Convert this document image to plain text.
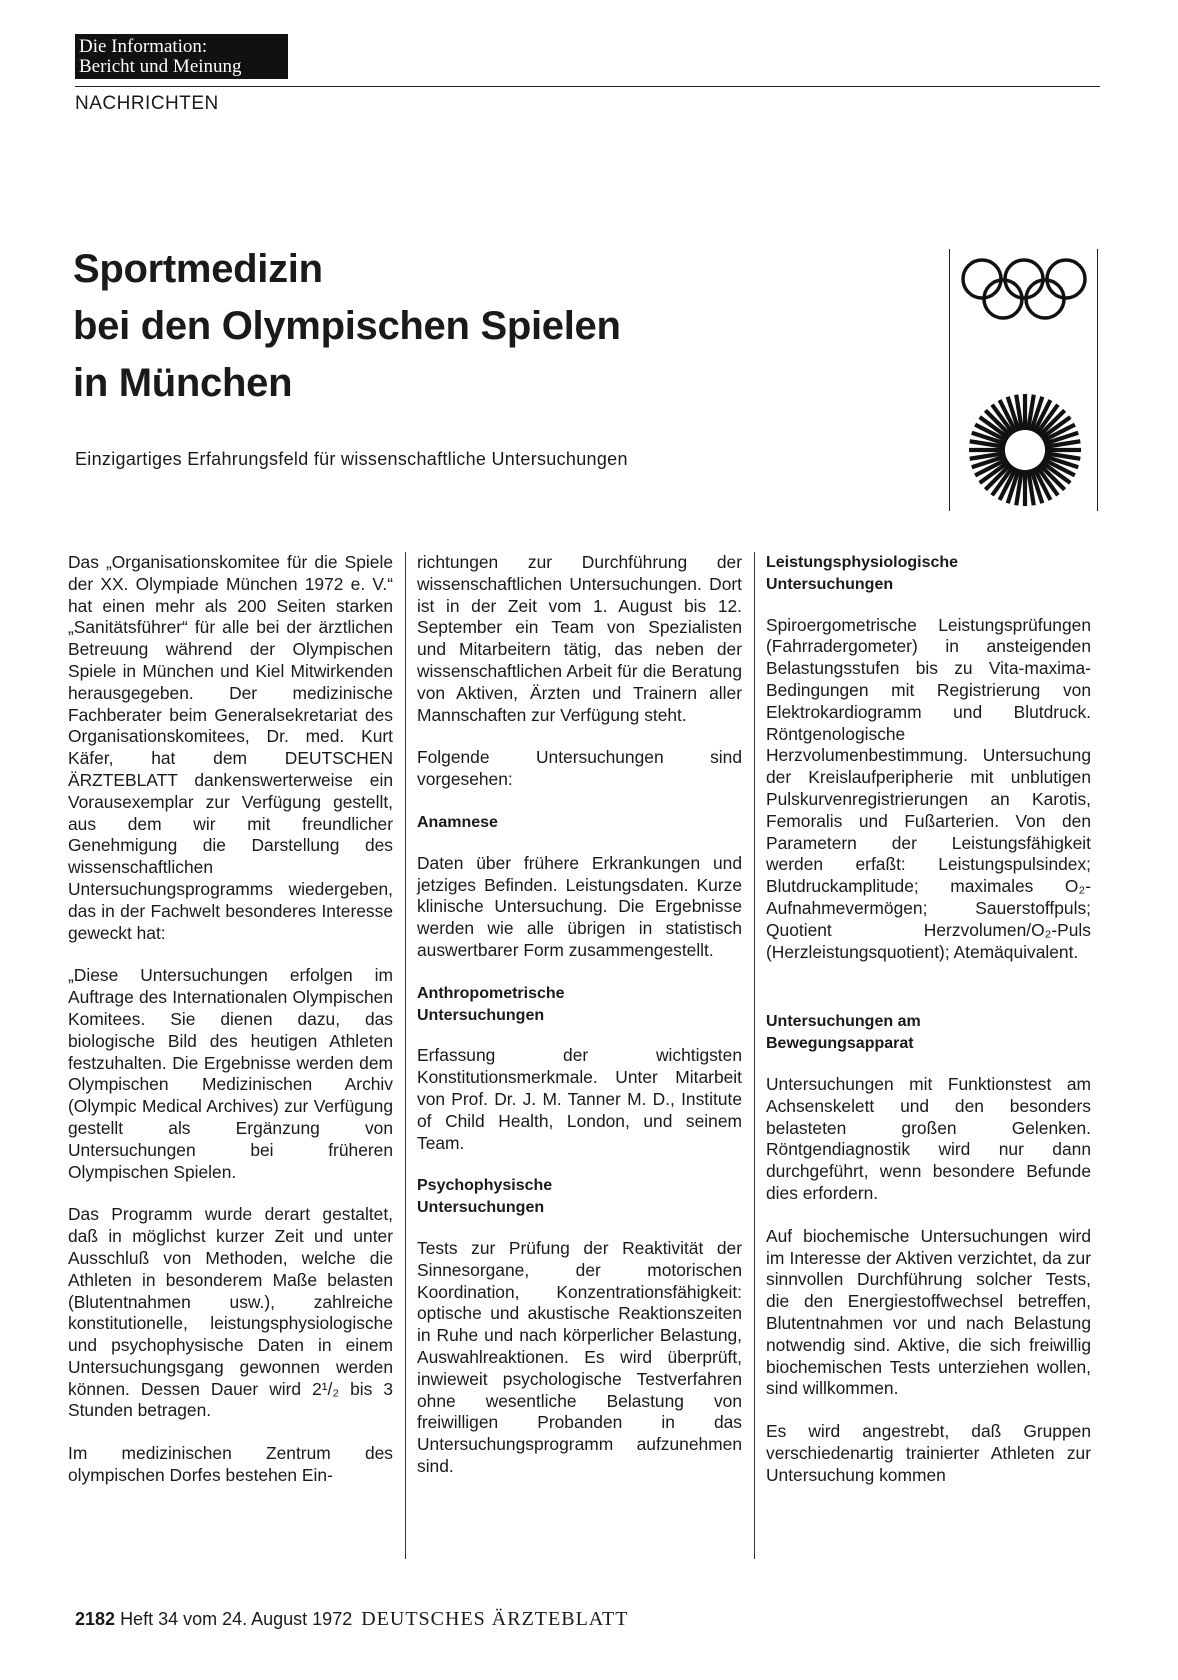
Die Information:
Bericht und Meinung
NACHRICHTEN
Sportmedizin
bei den Olympischen Spielen
in München
Einzigartiges Erfahrungsfeld für wissenschaftliche Untersuchungen

Das „Organisationskomitee für die Spiele der XX. Olympiade München 1972 e. V.“ hat einen mehr als 200 Seiten starken „Sanitätsführer“ für alle bei der ärztlichen Betreuung während der Olympischen Spiele in München und Kiel Mitwirkenden herausgegeben. Der medizinische Fachberater beim Generalsekretariat des Organisationskomitees, Dr. med. Kurt Käfer, hat dem DEUTSCHEN ÄRZTEBLATT dankenswerterweise ein Vorausexemplar zur Verfügung gestellt, aus dem wir mit freundlicher Genehmigung die Darstellung des wissenschaftlichen Untersuchungsprogramms wiedergeben, das in der Fachwelt besonderes Interesse geweckt hat:

„Diese Untersuchungen erfolgen im Auftrage des Internationalen Olympischen Komitees. Sie dienen dazu, das biologische Bild des heutigen Athleten festzuhalten. Die Ergebnisse werden dem Olympischen Medizinischen Archiv (Olympic Medical Archives) zur Verfügung gestellt als Ergänzung von Untersuchungen bei früheren Olympischen Spielen.

Das Programm wurde derart gestaltet, daß in möglichst kurzer Zeit und unter Ausschluß von Methoden, welche die Athleten in besonderem Maße belasten (Blutentnahmen usw.), zahlreiche konstitutionelle, leistungsphysiologische und psychophysische Daten in einem Untersuchungsgang gewonnen werden können. Dessen Dauer wird 2¹/₂ bis 3 Stunden betragen.

Im medizinischen Zentrum des olympischen Dorfes bestehen Ein-

richtungen zur Durchführung der wissenschaftlichen Untersuchungen. Dort ist in der Zeit vom 1. August bis 12. September ein Team von Spezialisten und Mitarbeitern tätig, das neben der wissenschaftlichen Arbeit für die Beratung von Aktiven, Ärzten und Trainern aller Mannschaften zur Verfügung steht.

Folgende Untersuchungen sind vorgesehen:

Anamnese

Daten über frühere Erkrankungen und jetziges Befinden. Leistungsdaten. Kurze klinische Untersuchung. Die Ergebnisse werden wie alle übrigen in statistisch auswertbarer Form zusammengestellt.

Anthropometrische
Untersuchungen

Erfassung der wichtigsten Konstitutionsmerkmale. Unter Mitarbeit von Prof. Dr. J. M. Tanner M. D., Institute of Child Health, London, und seinem Team.

Psychophysische
Untersuchungen

Tests zur Prüfung der Reaktivität der Sinnesorgane, der motorischen Koordination, Konzentrationsfähigkeit: optische und akustische Reaktionszeiten in Ruhe und nach körperlicher Belastung, Auswahlreaktionen. Es wird überprüft, inwieweit psychologische Testverfahren ohne wesentliche Belastung von freiwilligen Probanden in das Untersuchungsprogramm aufzunehmen sind.

Leistungsphysiologische
Untersuchungen

Spiroergometrische Leistungsprüfungen (Fahrradergometer) in ansteigenden Belastungsstufen bis zu Vita-maxima-Bedingungen mit Registrierung von Elektrokardiogramm und Blutdruck. Röntgenologische Herzvolumenbestimmung. Untersuchung der Kreislaufperipherie mit unblutigen Pulskurvenregistrierungen an Karotis, Femoralis und Fußarterien. Von den Parametern der Leistungsfähigkeit werden erfaßt: Leistungspulsindex; Blutdruckamplitude; maximales O₂-Aufnahmevermögen; Sauerstoffpuls; Quotient Herzvolumen/O₂-Puls (Herzleistungsquotient); Atemäquivalent.

Untersuchungen am
Bewegungsapparat

Untersuchungen mit Funktionstest am Achsenskelett und den besonders belasteten großen Gelenken. Röntgendiagnostik wird nur dann durchgeführt, wenn besondere Befunde dies erfordern.

Auf biochemische Untersuchungen wird im Interesse der Aktiven verzichtet, da zur sinnvollen Durchführung solcher Tests, die den Energiestoffwechsel betreffen, Blutentnahmen vor und nach Belastung notwendig sind. Aktive, die sich freiwillig biochemischen Tests unterziehen wollen, sind willkommen.

Es wird angestrebt, daß Gruppen verschiedenartig trainierter Athleten zur Untersuchung kommen

2182 Heft 34 vom 24. August 1972 DEUTSCHES ÄRZTEBLATT
